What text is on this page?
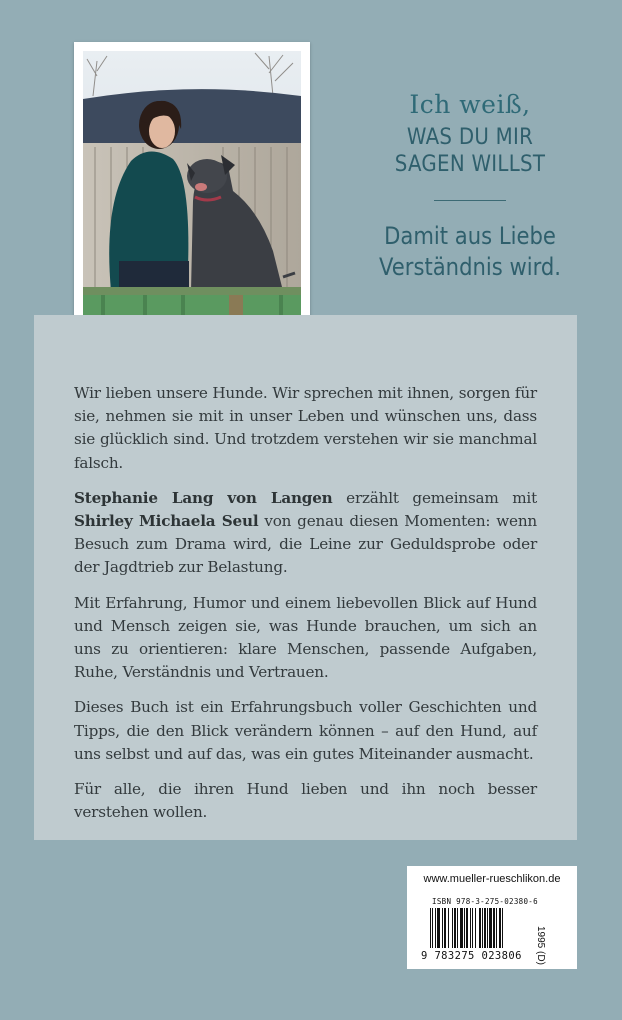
Ich weiß,
WAS DU MIR
SAGEN WILLST
Damit aus Liebe
Verständnis wird.

Wir lieben unsere Hunde. Wir sprechen mit ihnen, sorgen für sie, nehmen sie mit in unser Leben und wünschen uns, dass sie glücklich sind. Und trotzdem verstehen wir sie manchmal falsch.

Stephanie Lang von Langen erzählt gemeinsam mit Shirley Michaela Seul von genau diesen Momenten: wenn Besuch zum Drama wird, die Leine zur Geduldsprobe oder der Jagdtrieb zur Belastung.

Mit Erfahrung, Humor und einem liebevollen Blick auf Hund und Mensch zeigen sie, was Hunde brauchen, um sich an uns zu orientieren: klare Menschen, passende Aufgaben, Ruhe, Verständnis und Vertrauen.

Dieses Buch ist ein Erfahrungsbuch voller Geschichten und Tipps, die den Blick verändern können – auf den Hund, auf uns selbst und auf das, was ein gutes Miteinander ausmacht.

Für alle, die ihren Hund lieben und ihn noch besser verstehen wollen.

www.mueller-rueschlikon.de
ISBN 978-3-275-02380-6
9 783275 023806	1995 (D)
